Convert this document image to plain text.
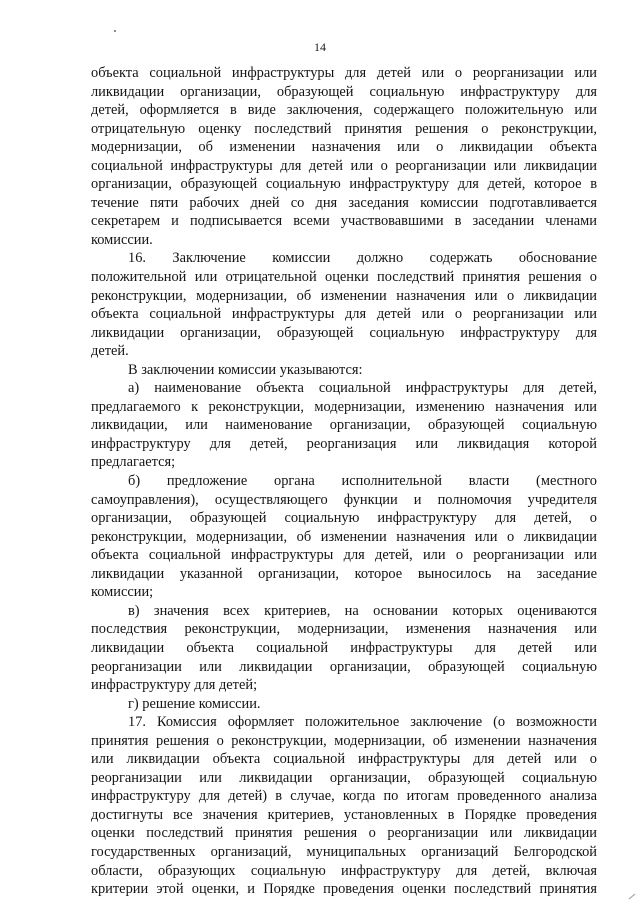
14
объекта социальной инфраструктуры для детей или о реорганизации или
ликвидации организации, образующей социальную инфраструктуру для
детей, оформляется в виде заключения, содержащего положительную или
отрицательную оценку последствий принятия решения о реконструкции,
модернизации, об изменении назначения или о ликвидации объекта
социальной инфраструктуры для детей или о реорганизации или ликвидации
организации, образующей социальную инфраструктуру для детей, которое в
течение пяти рабочих дней со дня заседания комиссии подготавливается
секретарем и подписывается всеми участвовавшими в заседании членами
комиссии.
16. Заключение комиссии должно содержать обоснование
положительной или отрицательной оценки последствий принятия решения о
реконструкции, модернизации, об изменении назначения или о ликвидации
объекта социальной инфраструктуры для детей или о реорганизации или
ликвидации организации, образующей социальную инфраструктуру для
детей.
В заключении комиссии указываются:
а) наименование объекта социальной инфраструктуры для детей,
предлагаемого к реконструкции, модернизации, изменению назначения или
ликвидации, или наименование организации, образующей социальную
инфраструктуру для детей, реорганизация или ликвидация которой
предлагается;
б) предложение органа исполнительной власти (местного
самоуправления), осуществляющего функции и полномочия учредителя
организации, образующей социальную инфраструктуру для детей, о
реконструкции, модернизации, об изменении назначения или о ликвидации
объекта социальной инфраструктуры для детей, или о реорганизации или
ликвидации указанной организации, которое выносилось на заседание
комиссии;
в) значения всех критериев, на основании которых оцениваются
последствия реконструкции, модернизации, изменения назначения или
ликвидации объекта социальной инфраструктуры для детей или
реорганизации или ликвидации организации, образующей социальную
инфраструктуру для детей;
г) решение комиссии.
17. Комиссия оформляет положительное заключение (о возможности
принятия решения о реконструкции, модернизации, об изменении назначения
или ликвидации объекта социальной инфраструктуры для детей или о
реорганизации или ликвидации организации, образующей социальную
инфраструктуру для детей) в случае, когда по итогам проведенного анализа
достигнуты все значения критериев, установленных в Порядке проведения
оценки последствий принятия решения о реорганизации или ликвидации
государственных организаций, муниципальных организаций Белгородской
области, образующих социальную инфраструктуру для детей, включая
критерии этой оценки, и Порядке проведения оценки последствий принятия
